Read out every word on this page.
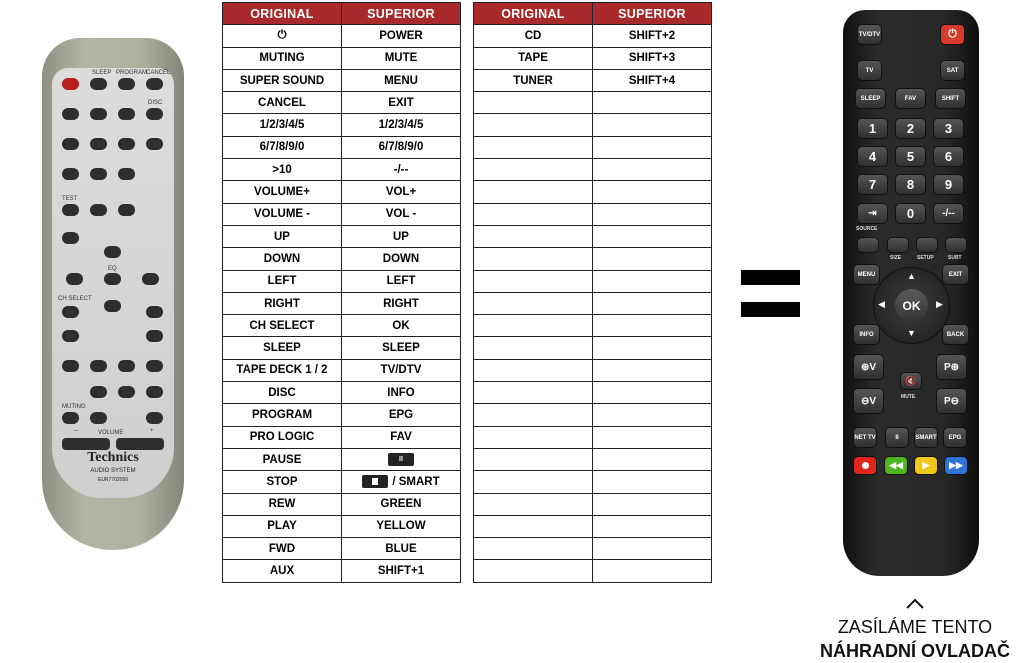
SLEEP PROGRAM
CANCEL
DISC
TEST
EQ
CH SELECT
MUTING
VOLUME
–	+
Technics
AUDIO SYSTEM
EUR7702050
ORIGINAL	SUPERIOR
⏻	POWER
MUTING	MUTE
SUPER SOUND	MENU
CANCEL	EXIT
1/2/3/4/5	1/2/3/4/5
6/7/8/9/0	6/7/8/9/0
>10	-/--
VOLUME+	VOL+
VOLUME -	VOL -
UP	UP
DOWN	DOWN
LEFT	LEFT
RIGHT	RIGHT
CH SELECT	OK
SLEEP	SLEEP
TAPE DECK 1 / 2	TV/DTV
DISC	INFO
PROGRAM	EPG
PRO LOGIC	FAV
PAUSE	II
STOP	/ SMART
REW	GREEN
PLAY	YELLOW
FWD	BLUE
AUX	SHIFT+1
ORIGINAL	SUPERIOR
CD	SHIFT+2
TAPE	SHIFT+3
TUNER	SHIFT+4

TV/DTV	⏻
TV	SAT
SLEEP	FAV	SHIFT
1	2	3
4	5	6
7	8	9
⇥	0	-/--
SOURCE
SIZE	SETUP	SUBT
MENU	EXIT
▲
▼
◀	▶
OK
INFO	BACK
⊕V	P⊕
🔇
MUTE
⊖V	P⊖
NET TV	II	SMART	EPG
◀◀ ▶ ▶▶
ZASÍLÁME TENTO
NÁHRADNÍ OVLADAČ
